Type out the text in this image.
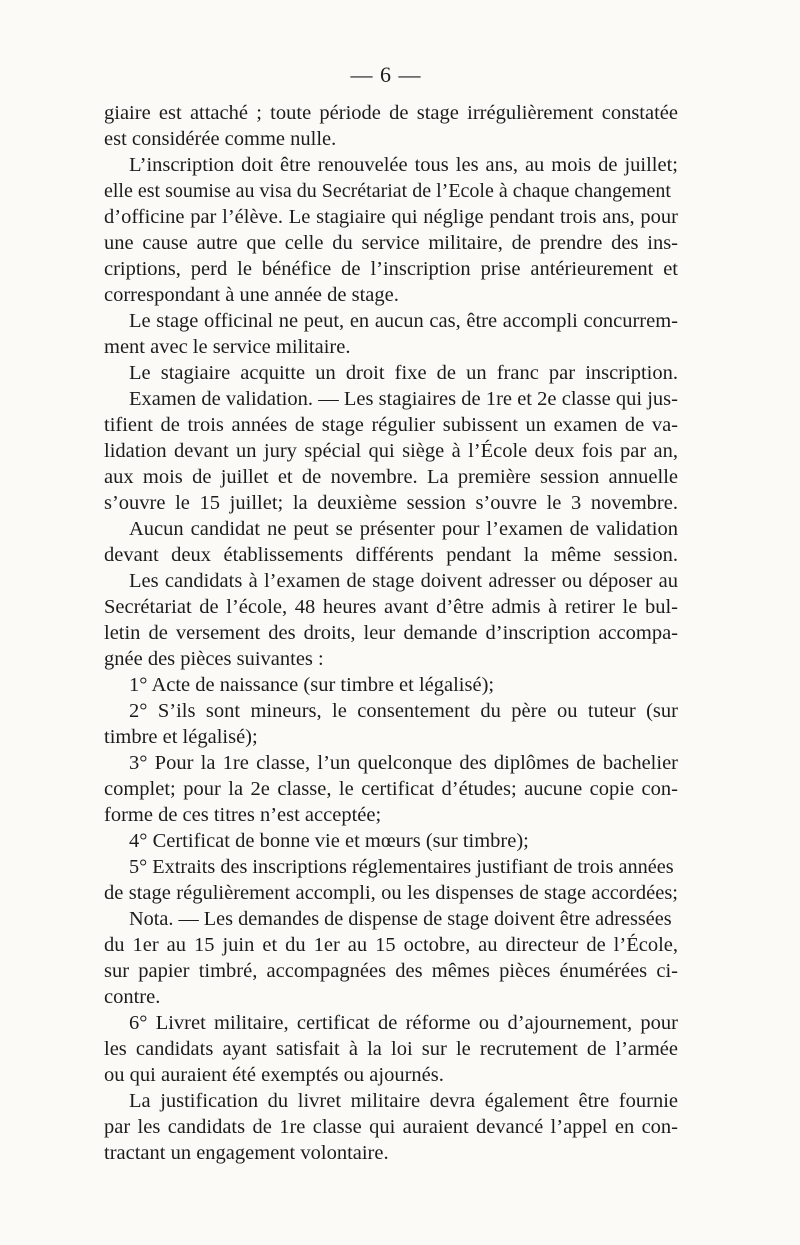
— 6 —
giaire est attaché ; toute période de stage irrégulièrement constatée
est considérée comme nulle.
L’inscription doit être renouvelée tous les ans, au mois de juillet;
elle est soumise au visa du Secrétariat de l’Ecole à chaque changement
d’officine par l’élève. Le stagiaire qui néglige pendant trois ans, pour
une cause autre que celle du service militaire, de prendre des ins-
criptions, perd le bénéfice de l’inscription prise antérieurement et
correspondant à une année de stage.
Le stage officinal ne peut, en aucun cas, être accompli concurrem-
ment avec le service militaire.
Le stagiaire acquitte un droit fixe de un franc par inscription.
Examen de validation. — Les stagiaires de 1re et 2e classe qui jus-
tifient de trois années de stage régulier subissent un examen de va-
lidation devant un jury spécial qui siège à l’École deux fois par an,
aux mois de juillet et de novembre. La première session annuelle
s’ouvre le 15 juillet; la deuxième session s’ouvre le 3 novembre.
Aucun candidat ne peut se présenter pour l’examen de validation
devant deux établissements différents pendant la même session.
Les candidats à l’examen de stage doivent adresser ou déposer au
Secrétariat de l’école, 48 heures avant d’être admis à retirer le bul-
letin de versement des droits, leur demande d’inscription accompa-
gnée des pièces suivantes :
1° Acte de naissance (sur timbre et légalisé);
2° S’ils sont mineurs, le consentement du père ou tuteur (sur
timbre et légalisé);
3° Pour la 1re classe, l’un quelconque des diplômes de bachelier
complet; pour la 2e classe, le certificat d’études; aucune copie con-
forme de ces titres n’est acceptée;
4° Certificat de bonne vie et mœurs (sur timbre);
5° Extraits des inscriptions réglementaires justifiant de trois années
de stage régulièrement accompli, ou les dispenses de stage accordées;
Nota. — Les demandes de dispense de stage doivent être adressées
du 1er au 15 juin et du 1er au 15 octobre, au directeur de l’École,
sur papier timbré, accompagnées des mêmes pièces énumérées ci-
contre.
6° Livret militaire, certificat de réforme ou d’ajournement, pour
les candidats ayant satisfait à la loi sur le recrutement de l’armée
ou qui auraient été exemptés ou ajournés.
La justification du livret militaire devra également être fournie
par les candidats de 1re classe qui auraient devancé l’appel en con-
tractant un engagement volontaire.
